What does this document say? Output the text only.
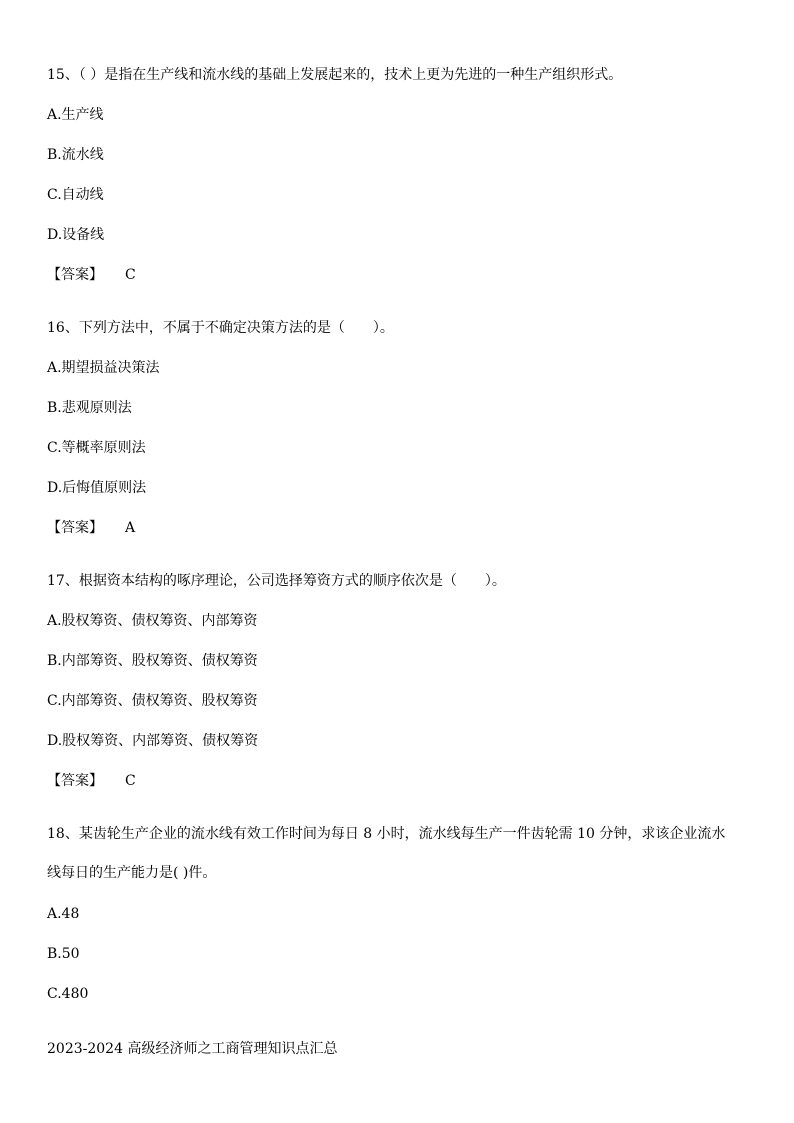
15、（ ）是指在生产线和流水线的基础上发展起来的，技术上更为先进的一种生产组织形式。
A.生产线
B.流水线
C.自动线
D.设备线
【答案】 C
16、下列方法中，不属于不确定决策方法的是（　　）。
A.期望损益决策法
B.悲观原则法
C.等概率原则法
D.后悔值原则法
【答案】 A
17、根据资本结构的啄序理论，公司选择筹资方式的顺序依次是（　　）。
A.股权筹资、债权筹资、内部筹资
B.内部筹资、股权筹资、债权筹资
C.内部筹资、债权筹资、股权筹资
D.股权筹资、内部筹资、债权筹资
【答案】 C
18、某齿轮生产企业的流水线有效工作时间为每日 8 小时，流水线每生产一件齿轮需 10 分钟，求该企业流水
线每日的生产能力是( )件。
A.48
B.50
C.480
2023-2024 高级经济师之工商管理知识点汇总
